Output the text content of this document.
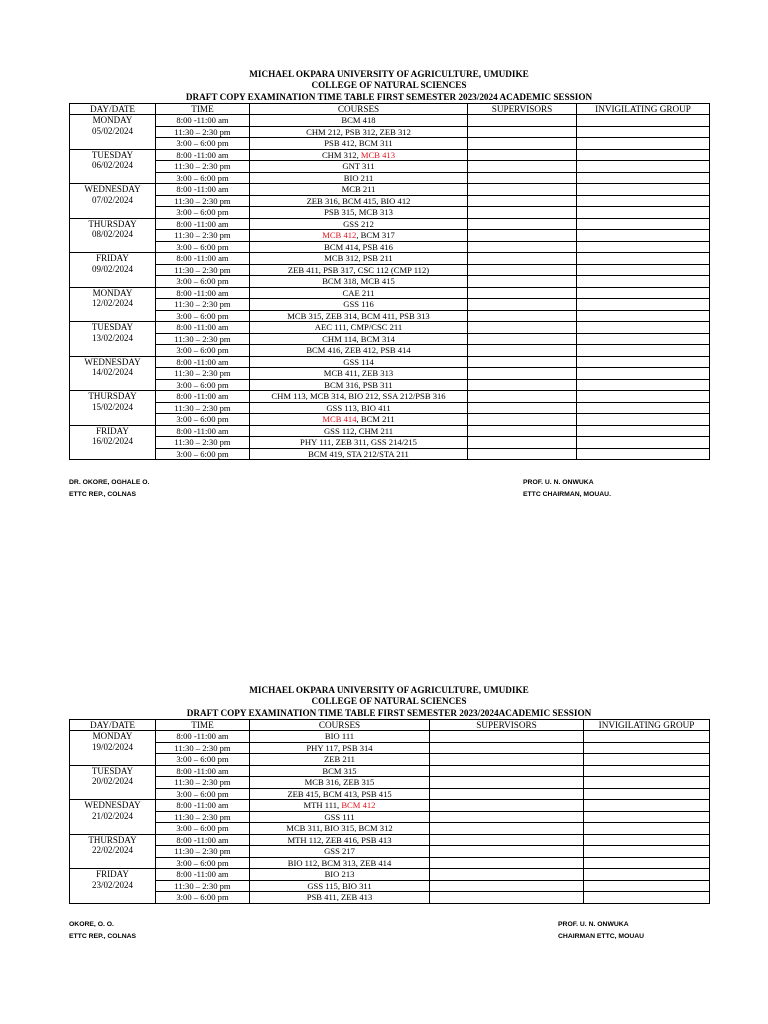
MICHAEL OKPARA UNIVERSITY OF AGRICULTURE, UMUDIKE
COLLEGE OF NATURAL SCIENCES
DRAFT COPY EXAMINATION TIME TABLE FIRST SEMESTER 2023/2024 ACADEMIC SESSION
DAY/DATE	TIME	COURSES	SUPERVISORS	INVIGILATING GROUP

MONDAY
05/02/2024	8:00 -11:00 am	BCM 418		
	11:30 – 2:30 pm	CHM 212, PSB 312, ZEB 312		
	3:00 – 6:00 pm	PSB 412, BCM 311		

TUESDAY
06/02/2024	8:00 -11:00 am	CHM 312, MCB 413		
	11:30 – 2:30 pm	GNT 311		
	3:00 – 6:00 pm	BIO 211		

WEDNESDAY
07/02/2024	8:00 -11:00 am	MCB 211		
	11:30 – 2:30 pm	ZEB 316, BCM 415, BIO 412		
	3:00 – 6:00 pm	PSB 315, MCB 313		

THURSDAY
08/02/2024	8:00 -11:00 am	GSS 212		
	11:30 – 2:30 pm	MCB 412, BCM 317		
	3:00 – 6:00 pm	BCM 414, PSB 416		

FRIDAY
09/02/2024	8:00 -11:00 am	MCB 312, PSB 211		
	11:30 – 2:30 pm	ZEB 411, PSB 317, CSC 112 (CMP 112)		
	3:00 – 6:00 pm	BCM 318, MCB 415		

MONDAY
12/02/2024	8:00 -11:00 am	CAE 211		
	11:30 – 2:30 pm	GSS 116		
	3:00 – 6:00 pm	MCB 315, ZEB 314, BCM 411, PSB 313		

TUESDAY
13/02/2024	8:00 -11:00 am	AEC 111, CMP/CSC 211		
	11:30 – 2:30 pm	CHM 114, BCM 314		
	3:00 – 6:00 pm	BCM 416, ZEB 412, PSB 414		

WEDNESDAY
14/02/2024	8:00 -11:00 am	GSS 114		
	11:30 – 2:30 pm	MCB 411, ZEB 313		
	3:00 – 6:00 pm	BCM 316, PSB 311		

THURSDAY
15/02/2024	8:00 -11:00 am	CHM 113, MCB 314, BIO 212, SSA 212/PSB 316		
	11:30 – 2:30 pm	GSS 113, BIO 411		
	3:00 – 6:00 pm	MCB 414, BCM 211		

FRIDAY
16/02/2024	8:00 -11:00 am	GSS 112, CHM 211		
	11:30 – 2:30 pm	PHY 111, ZEB 311, GSS 214/215		
	3:00 – 6:00 pm	BCM 419, STA 212/STA 211		
DR. OKORE, OGHALE O.
ETTC REP., COLNAS
PROF. U. N. ONWUKA
ETTC CHAIRMAN, MOUAU.
MICHAEL OKPARA UNIVERSITY OF AGRICULTURE, UMUDIKE
COLLEGE OF NATURAL SCIENCES
DRAFT COPY EXAMINATION TIME TABLE FIRST SEMESTER 2023/2024ACADEMIC SESSION
DAY/DATE	TIME	COURSES	SUPERVISORS	INVIGILATING GROUP

MONDAY
19/02/2024	8:00 -11:00 am	BIO 111		
	11:30 – 2:30 pm	PHY 117, PSB 314		
	3:00 – 6:00 pm	ZEB 211		

TUESDAY
20/02/2024	8:00 -11:00 am	BCM 315		
	11:30 – 2:30 pm	MCB 316, ZEB 315		
	3:00 – 6:00 pm	ZEB 415, BCM 413, PSB 415		

WEDNESDAY
21/02/2024	8:00 -11:00 am	MTH 111, BCM 412		
	11:30 – 2:30 pm	GSS 111		
	3:00 – 6:00 pm	MCB 311, BIO 315, BCM 312		

THURSDAY
22/02/2024	8:00 -11:00 am	MTH 112, ZEB 416, PSB 413		
	11:30 – 2:30 pm	GSS 217		
	3:00 – 6:00 pm	BIO 112, BCM 313, ZEB 414		

FRIDAY
23/02/2024	8:00 -11:00 am	BIO 213		
	11:30 – 2:30 pm	GSS 115, BIO 311		
	3:00 – 6:00 pm	PSB 411, ZEB 413		
OKORE, O. O.
ETTC REP., COLNAS
PROF. U. N. ONWUKA
CHAIRMAN ETTC, MOUAU
